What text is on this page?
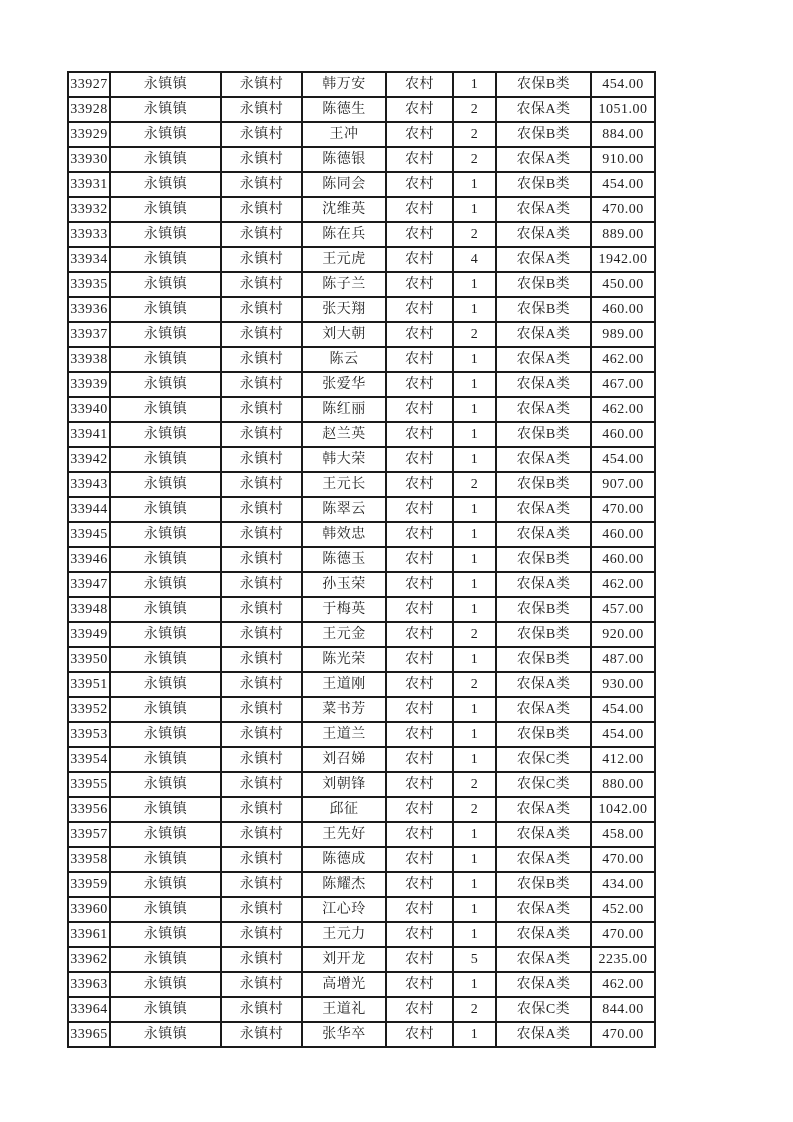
33927	永镇镇	永镇村	韩万安	农村	1	农保B类	454.00
33928	永镇镇	永镇村	陈德生	农村	2	农保A类	1051.00
33929	永镇镇	永镇村	王冲	农村	2	农保B类	884.00
33930	永镇镇	永镇村	陈德银	农村	2	农保A类	910.00
33931	永镇镇	永镇村	陈同会	农村	1	农保B类	454.00
33932	永镇镇	永镇村	沈维英	农村	1	农保A类	470.00
33933	永镇镇	永镇村	陈在兵	农村	2	农保A类	889.00
33934	永镇镇	永镇村	王元虎	农村	4	农保A类	1942.00
33935	永镇镇	永镇村	陈子兰	农村	1	农保B类	450.00
33936	永镇镇	永镇村	张天翔	农村	1	农保B类	460.00
33937	永镇镇	永镇村	刘大朝	农村	2	农保A类	989.00
33938	永镇镇	永镇村	陈云	农村	1	农保A类	462.00
33939	永镇镇	永镇村	张爱华	农村	1	农保A类	467.00
33940	永镇镇	永镇村	陈红丽	农村	1	农保A类	462.00
33941	永镇镇	永镇村	赵兰英	农村	1	农保B类	460.00
33942	永镇镇	永镇村	韩大荣	农村	1	农保A类	454.00
33943	永镇镇	永镇村	王元长	农村	2	农保B类	907.00
33944	永镇镇	永镇村	陈翠云	农村	1	农保A类	470.00
33945	永镇镇	永镇村	韩效忠	农村	1	农保A类	460.00
33946	永镇镇	永镇村	陈德玉	农村	1	农保B类	460.00
33947	永镇镇	永镇村	孙玉荣	农村	1	农保A类	462.00
33948	永镇镇	永镇村	于梅英	农村	1	农保B类	457.00
33949	永镇镇	永镇村	王元金	农村	2	农保B类	920.00
33950	永镇镇	永镇村	陈光荣	农村	1	农保B类	487.00
33951	永镇镇	永镇村	王道刚	农村	2	农保A类	930.00
33952	永镇镇	永镇村	菜书芳	农村	1	农保A类	454.00
33953	永镇镇	永镇村	王道兰	农村	1	农保B类	454.00
33954	永镇镇	永镇村	刘召娣	农村	1	农保C类	412.00
33955	永镇镇	永镇村	刘朝锋	农村	2	农保C类	880.00
33956	永镇镇	永镇村	邱征	农村	2	农保A类	1042.00
33957	永镇镇	永镇村	王先好	农村	1	农保A类	458.00
33958	永镇镇	永镇村	陈德成	农村	1	农保A类	470.00
33959	永镇镇	永镇村	陈耀杰	农村	1	农保B类	434.00
33960	永镇镇	永镇村	江心玲	农村	1	农保A类	452.00
33961	永镇镇	永镇村	王元力	农村	1	农保A类	470.00
33962	永镇镇	永镇村	刘开龙	农村	5	农保A类	2235.00
33963	永镇镇	永镇村	高增光	农村	1	农保A类	462.00
33964	永镇镇	永镇村	王道礼	农村	2	农保C类	844.00
33965	永镇镇	永镇村	张华卒	农村	1	农保A类	470.00
